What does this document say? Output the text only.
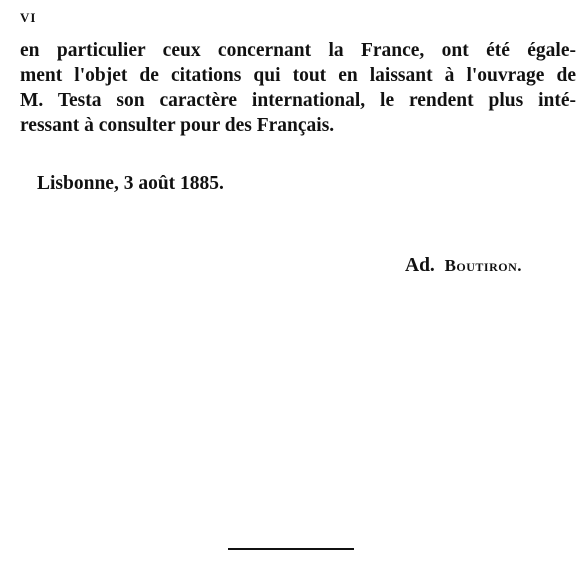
VI

en particulier ceux concernant la France, ont été égale-
ment l'objet de citations qui tout en laissant à l'ouvrage de
M. Testa son caractère international, le rendent plus inté-
ressant à consulter pour des Français.

Lisbonne, 3 août 1885.
Ad. Boutiron.
